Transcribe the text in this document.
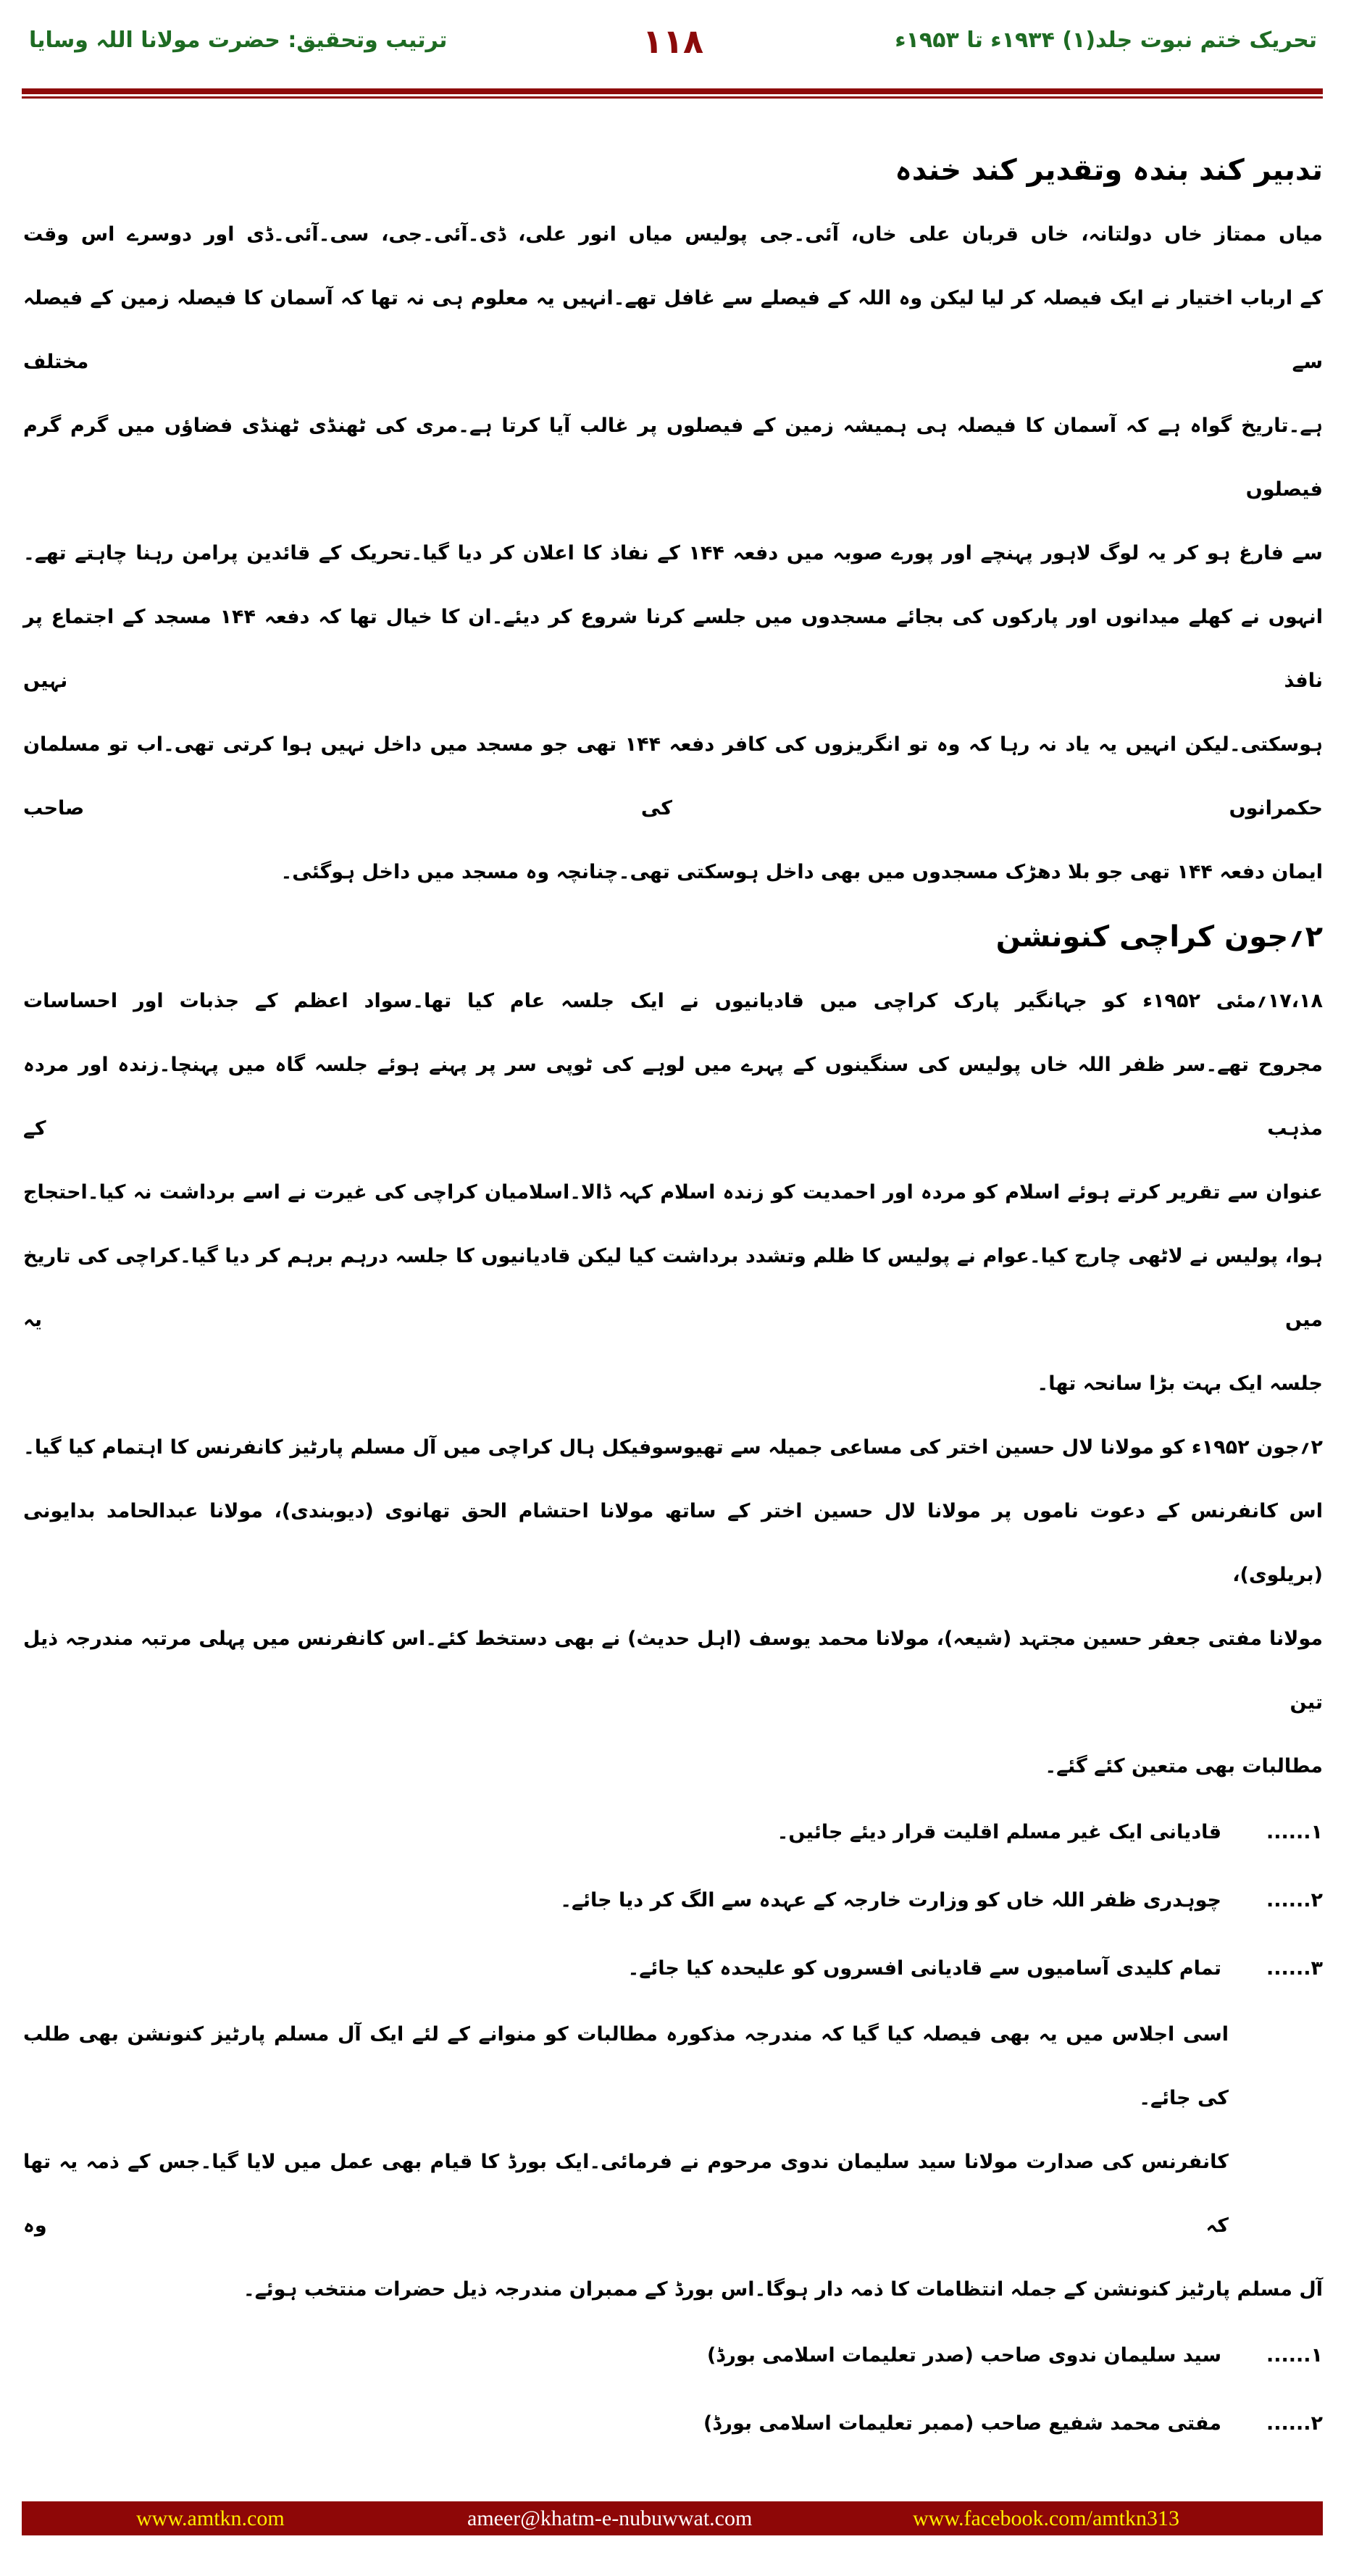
تحریک ختم نبوت جلد(۱) ۱۹۳۴ء تا ۱۹۵۳ء
۱۱۸
ترتیب وتحقیق: حضرت مولانا اللہ وسایا
تدبیر کند بندہ وتقدیر کند خندہ
میاں ممتاز خاں دولتانہ، خاں قربان علی خاں، آئی۔جی پولیس میاں انور علی، ڈی۔آئی۔جی، سی۔آئی۔ڈی اور دوسرے اس وقت
کے ارباب اختیار نے ایک فیصلہ کر لیا لیکن وہ اللہ کے فیصلے سے غافل تھے۔انہیں یہ معلوم ہی نہ تھا کہ آسمان کا فیصلہ زمین کے فیصلہ سے مختلف
ہے۔تاریخ گواہ ہے کہ آسمان کا فیصلہ ہی ہمیشہ زمین کے فیصلوں پر غالب آیا کرتا ہے۔مری کی ٹھنڈی ٹھنڈی فضاؤں میں گرم گرم فیصلوں
سے فارغ ہو کر یہ لوگ لاہور پہنچے اور پورے صوبہ میں دفعہ ۱۴۴ کے نفاذ کا اعلان کر دیا گیا۔تحریک کے قائدین پرامن رہنا چاہتے تھے۔
انہوں نے کھلے میدانوں اور پارکوں کی بجائے مسجدوں میں جلسے کرنا شروع کر دیئے۔ان کا خیال تھا کہ دفعہ ۱۴۴ مسجد کے اجتماع پر نافذ نہیں
ہوسکتی۔لیکن انہیں یہ یاد نہ رہا کہ وہ تو انگریزوں کی کافر دفعہ ۱۴۴ تھی جو مسجد میں داخل نہیں ہوا کرتی تھی۔اب تو مسلمان حکمرانوں کی صاحب
ایمان دفعہ ۱۴۴ تھی جو بلا دھڑک مسجدوں میں بھی داخل ہوسکتی تھی۔چنانچہ وہ مسجد میں داخل ہوگئی۔
۲؍جون کراچی کنونشن
۱۷،۱۸؍مئی ۱۹۵۲ء کو جہانگیر پارک کراچی میں قادیانیوں نے ایک جلسہ عام کیا تھا۔سواد اعظم کے جذبات اور احساسات
مجروح تھے۔سر ظفر اللہ خاں پولیس کی سنگینوں کے پہرے میں لوہے کی ٹوپی سر پر پہنے ہوئے جلسہ گاہ میں پہنچا۔زندہ اور مردہ مذہب کے
عنوان سے تقریر کرتے ہوئے اسلام کو مردہ اور احمدیت کو زندہ اسلام کہہ ڈالا۔اسلامیان کراچی کی غیرت نے اسے برداشت نہ کیا۔احتجاج
ہوا، پولیس نے لاٹھی چارج کیا۔عوام نے پولیس کا ظلم وتشدد برداشت کیا لیکن قادیانیوں کا جلسہ درہم برہم کر دیا گیا۔کراچی کی تاریخ میں یہ
جلسہ ایک بہت بڑا سانحہ تھا۔
۲؍جون ۱۹۵۲ء کو مولانا لال حسین اختر کی مساعی جمیلہ سے تھیوسوفیکل ہال کراچی میں آل مسلم پارٹیز کانفرنس کا اہتمام کیا گیا۔
اس کانفرنس کے دعوت ناموں پر مولانا لال حسین اختر کے ساتھ مولانا احتشام الحق تھانوی (دیوبندی)، مولانا عبدالحامد بدایونی (بریلوی)،
مولانا مفتی جعفر حسین مجتہد (شیعہ)، مولانا محمد یوسف (اہل حدیث) نے بھی دستخط کئے۔اس کانفرنس میں پہلی مرتبہ مندرجہ ذیل تین
مطالبات بھی متعین کئے گئے۔
۱......قادیانی ایک غیر مسلم اقلیت قرار دیئے جائیں۔
۲......چوہدری ظفر اللہ خاں کو وزارت خارجہ کے عہدہ سے الگ کر دیا جائے۔
۳......تمام کلیدی آسامیوں سے قادیانی افسروں کو علیحدہ کیا جائے۔
اسی اجلاس میں یہ بھی فیصلہ کیا گیا کہ مندرجہ مذکورہ مطالبات کو منوانے کے لئے ایک آل مسلم پارٹیز کنونشن بھی طلب کی جائے۔
کانفرنس کی صدارت مولانا سید سلیمان ندوی مرحوم نے فرمائی۔ایک بورڈ کا قیام بھی عمل میں لایا گیا۔جس کے ذمہ یہ تھا کہ وہ
آل مسلم پارٹیز کنونشن کے جملہ انتظامات کا ذمہ دار ہوگا۔اس بورڈ کے ممبران مندرجہ ذیل حضرات منتخب ہوئے۔
۱......سید سلیمان ندوی صاحب (صدر تعلیمات اسلامی بورڈ)
۲......مفتی محمد شفیع صاحب (ممبر تعلیمات اسلامی بورڈ)
www.amtkn.com	ameer@khatm-e-nubuwwat.com	www.facebook.com/amtkn313
